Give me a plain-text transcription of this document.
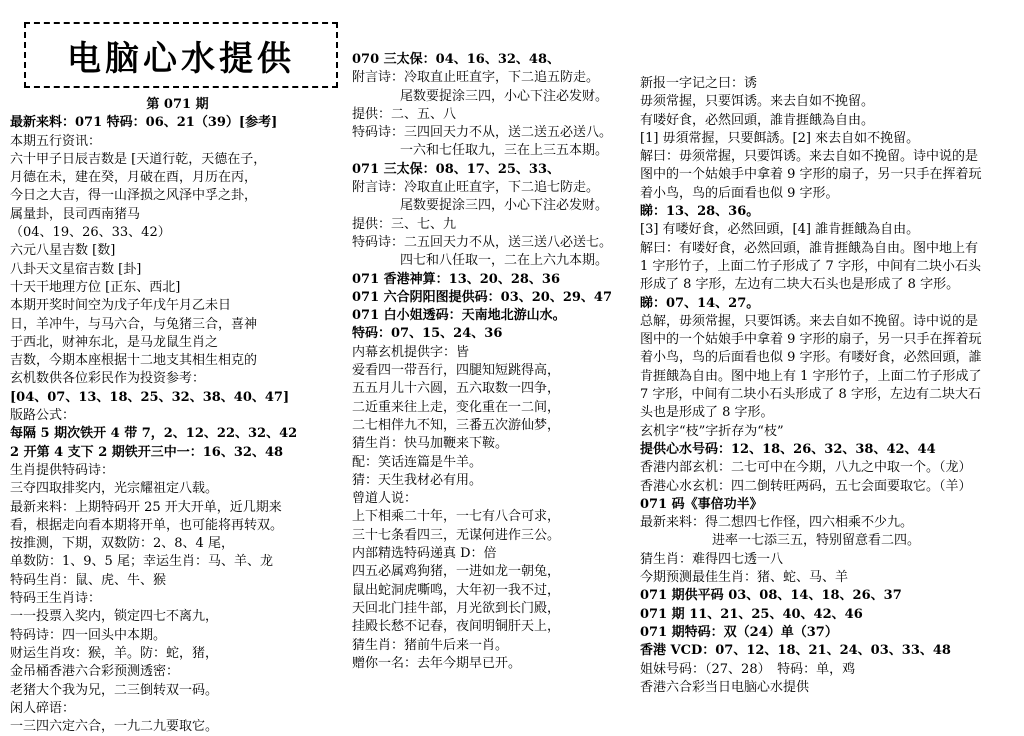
电脑心水提供
第 071 期
最新来料：071 特码：06、21（39）[参考]
本期五行资讯：
六十甲子日辰吉数是 [天道行乾，天德在子，
月德在未，建在癸，月破在酉，月历在丙，
今日之大吉，得一山泽损之风泽中孚之卦，
属量卦，艮司西南猪马
（04、19、26、33、42）
六元八星吉数 [数]
八卦天文星宿吉数 [卦]
十天干地理方位 [正东、西北]
本期开奖时间空为戊子年戊午月乙未日
日，羊冲牛，与马六合，与兔猪三合，喜神
于西北，财神东北，是马龙鼠生肖之
吉数，今期本座根据十二地支其相生相克的
玄机数供各位彩民作为投资参考：
[04、07、13、18、25、32、38、40、47]
版路公式：
每隔 5 期次铁开 4 带 7，2、12、22、32、42
2 开第 4 支下 2 期铁开三中一：16、32、48
生肖提供特码诗：
三夺四取排奖内，光宗耀祖定八载。
最新来料：上期特码开 25 开大开单，近几期来
看，根据走向看本期将开单，也可能将再转双。
按推测，下期，双数防：2、8、4 尾，
单数防：1、9、5 尾；幸运生肖：马、羊、龙
特码生肖：鼠、虎、牛、猴
特码王生肖诗：
一一投票入奖内，锁定四七不离九，
特码诗：四一回头中本期。
财运生肖攻：猴，羊。防：蛇，猪，
金吊桶香港六合彩预测透密：
老猪大个我为兄，二三倒转双一码。
闲人碎语：
一三四六定六合，一九二九要取它。
070 三太保：04、16、32、48、
附言诗：冷取直止旺直字，下二追五防走。
尾数要捉涂三四，小心下注必发财。
提供：二、五、八
特码诗：三四回天力不从，送二送五必送八。
一六和七任取九，三在上三五本期。
071 三太保：08、17、25、33、
附言诗：冷取直止旺直字，下二追七防走。
尾数要捉涂三四，小心下注必发财。
提供：三、七、九
特码诗：二五回天力不从，送三送八必送七。
四七和八任取一，二在上六九本期。
071 香港神算：13、20、28、36
071 六合阴阳图提供码：03、20、29、47
071 白小姐透码：天南地北游山水。
特码：07、15、24、36
内幕玄机提供字：皆
爱看四一带吾行，四腿知短跳得高，
五五月儿十六圆，五六取数一四争，
二近重来往上走，变化重在一二间，
二七相伴九不知，三番五次游仙梦，
猜生肖：快马加鞭来下鞍。
配：笑话连篇是牛羊。
猜：天生我材必有用。
曾道人说：
上下相乘二十年，一七有八合可求，
三十七条看四三，无谋何进作三公。
内部精选特码递真 D：倍
四五必属鸡狗猪，一进如龙一朝兔，
鼠出蛇洞虎嘶鸣，大年初一我不过，
天回北门挂牛部，月光欲到长门殿，
挂殿长愁不记春，夜间明铜肝天上，
猜生肖：猪前牛后来一肖。
赠你一名：去年今期早已开。
新报一字记之曰：诱
毋须常握，只要饵诱。来去自如不挽留。
有喽好食，必然回頭，誰肯捱餓為自由。
[1] 毋須常握，只要餌誘。[2] 來去自如不挽留。
解曰：毋须常握，只要饵诱。来去自如不挽留。诗中说的是
图中的一个姑娘手中拿着 9 字形的扇子，另一只手在挥着玩
着小鸟，鸟的后面看也似 9 字形。
睇：13、28、36。
[3] 有喽好食，必然回頭，[4] 誰肯捱餓為自由。
解曰：有喽好食，必然回頭，誰肯捱餓為自由。图中地上有
1 字形竹子，上面二竹子形成了 7 字形，中间有二块小石头
形成了 8 字形，左边有二块大石头也是形成了 8 字形。
睇：07、14、27。
总解，毋须常握，只要饵诱。来去自如不挽留。诗中说的是
图中的一个姑娘手中拿着 9 字形的扇子，另一只手在挥着玩
着小鸟，鸟的后面看也似 9 字形。有喽好食，必然回頭，誰
肯捱餓為自由。图中地上有 1 字形竹子，上面二竹子形成了
7 字形，中间有二块小石头形成了 8 字形，左边有二块大石
头也是形成了 8 字形。
玄机字“枝”字折存为“枝”
提供心水号码：12、18、26、32、38、42、44
香港内部玄机：二七可中在今期，八九之中取一个。（龙）
香港心水玄机：四二倒转旺两码，五七会面要取它。（羊）
071 码《事倍功半》
最新来料：得二想四七作怪，四六相乘不少九。
进率一七添三五，特别留意看二四。
猜生肖：难得四七透一八
今期预测最佳生肖：猪、蛇、马、羊
071 期供平码 03、08、14、18、26、37
071 期 11、21、25、40、42、46
071 期特码：双（24）单（37）
香港 VCD：07、12、18、21、24、03、33、48
姐妹号码：（27、28）　特码：单，鸡
香港六合彩当日电脑心水提供
